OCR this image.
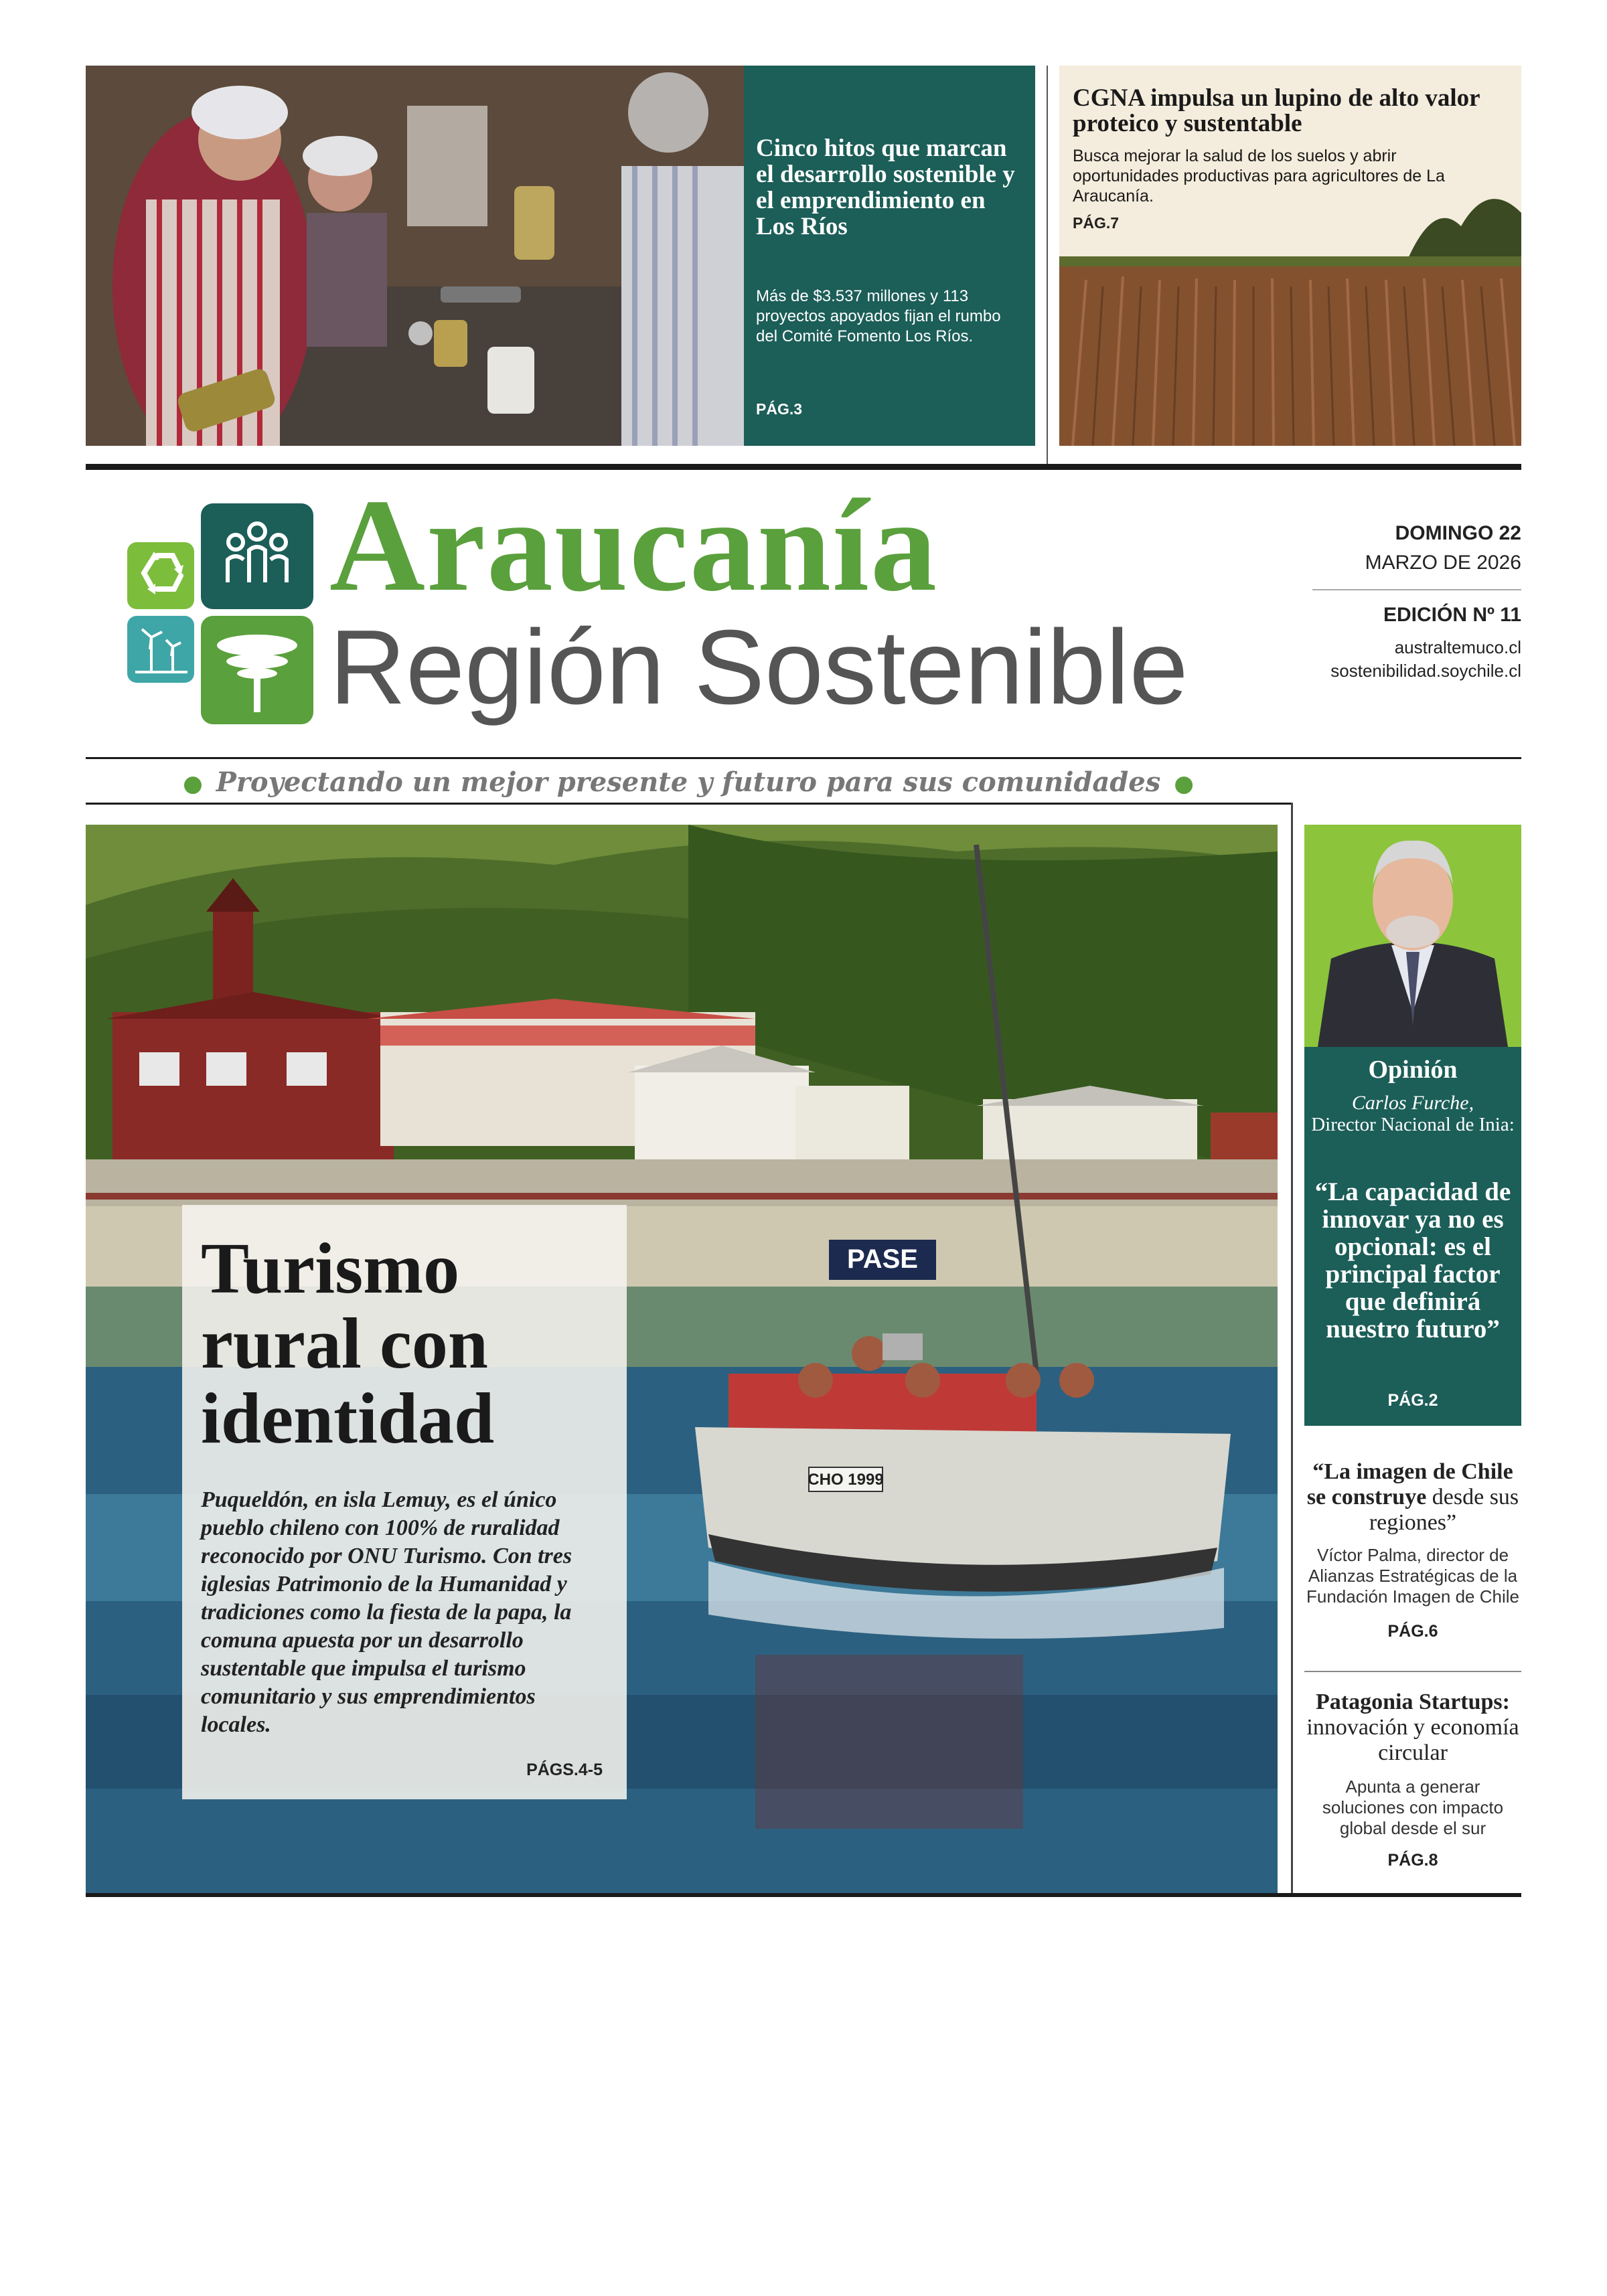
Cinco hitos que marcan el desarrollo sostenible y el emprendimiento en Los Ríos
Más de $3.537 millones y 113 proyectos apoyados fijan el rumbo del Comité Fomento Los Ríos.
PÁG.3
CGNA impulsa un lupino de alto valor proteico y sustentable
Busca mejorar la salud de los suelos y abrir oportunidades productivas para agricultores de La Araucanía.
PÁG.7
Araucanía
Región Sostenible
DOMINGO 22
MARZO DE 2026
EDICIÓN Nº 11
australtemuco.cl
sostenibilidad.soychile.cl
● Proyectando un mejor presente y futuro para sus comunidades ●
PASE
CHO 1999
Turismo rural con identidad
Puqueldón, en isla Lemuy, es el único pueblo chileno con 100% de ruralidad reconocido por ONU Turismo. Con tres iglesias Patrimonio de la Humanidad y tradiciones como la fiesta de la papa, la comuna apuesta por un desarrollo sustentable que impulsa el turismo comunitario y sus emprendimientos locales.
PÁGS.4-5
Opinión
Carlos Furche,
Director Nacional de Inia:
“La capacidad de innovar ya no es opcional: es el principal factor que definirá nuestro futuro”
PÁG.2
“La imagen de Chile se construye desde sus regiones”
Víctor Palma, director de Alianzas Estratégicas de la Fundación Imagen de Chile
PÁG.6
Patagonia Startups:
innovación y economía circular
Apunta a generar soluciones con impacto global desde el sur
PÁG.8
